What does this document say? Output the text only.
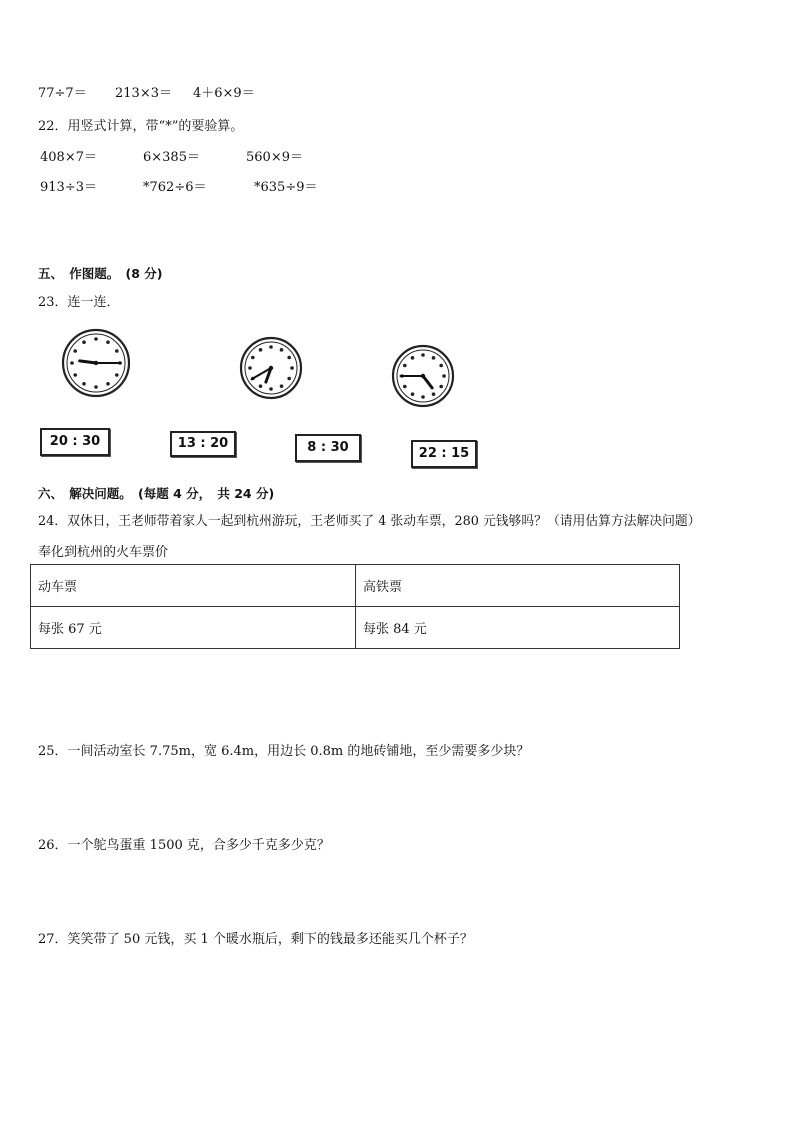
77÷7＝ 213×3＝ 4＋6×9＝
22．用竖式计算，带“*”的要验算。
408×7＝	6×385＝	560×9＝
913÷3＝	*762÷6＝	*635÷9＝
五、　作图题。　(8 分)
23．连一连．
20 : 30	13 : 20	8 : 30	22 : 15
六、　解决问题。　(每题 4 分，　共 24 分)
24．双休日，王老师带着家人一起到杭州游玩，王老师买了 4 张动车票，280 元钱够吗？（请用估算方法解决问题）
奉化到杭州的火车票价
动车票	高铁票
每张 67 元	每张 84 元
25．一间活动室长 7.75m，宽 6.4m，用边长 0.8m 的地砖铺地，至少需要多少块？
26．一个鸵鸟蛋重 1500 克，合多少千克多少克？
27．笑笑带了 50 元钱，买 1 个暖水瓶后，剩下的钱最多还能买几个杯子？
